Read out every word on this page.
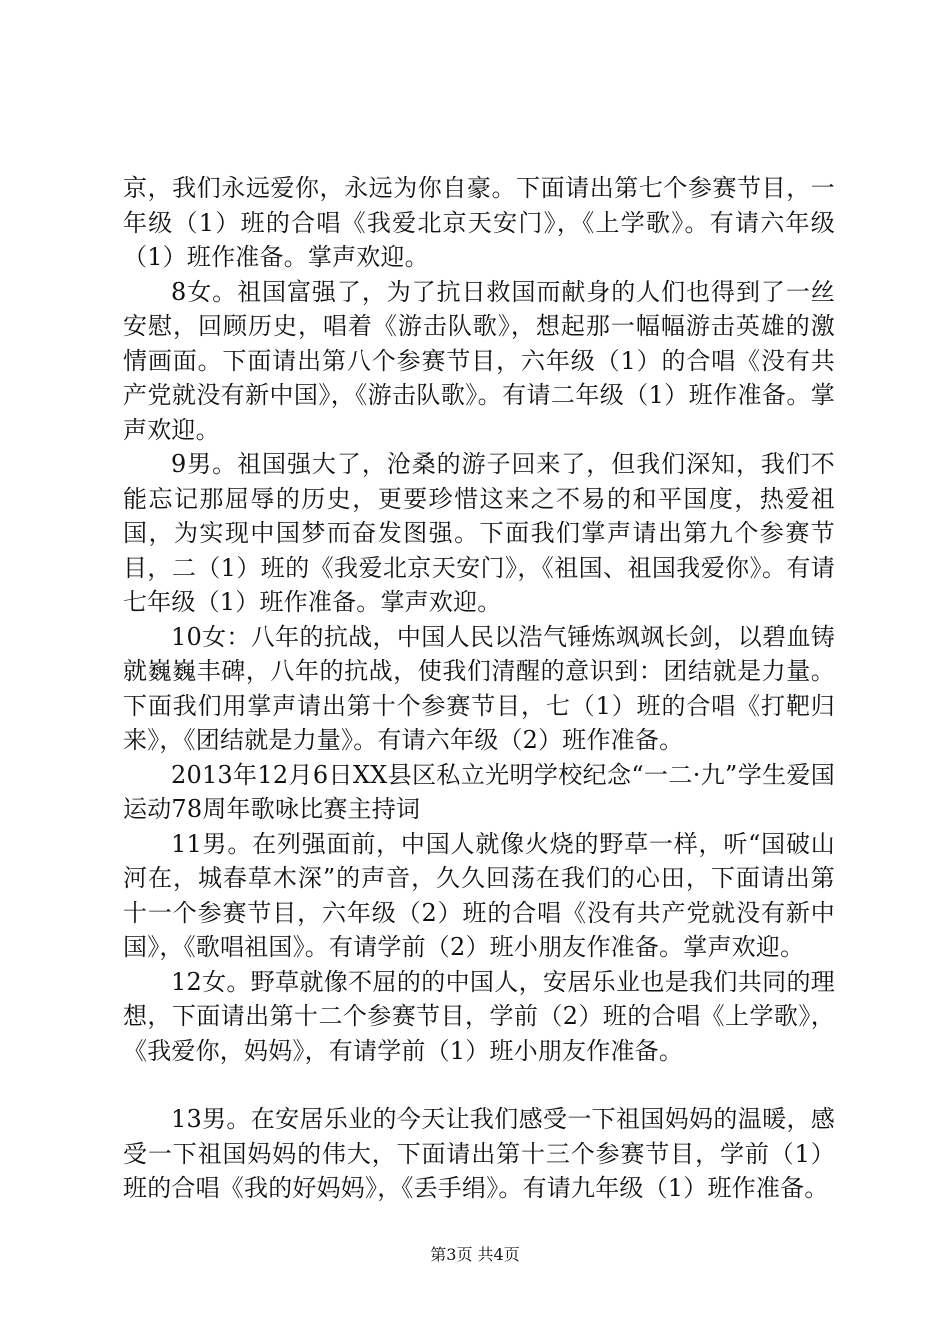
京，我们永远爱你，永远为你自豪。下面请出第七个参赛节目，一年级（1）班的合唱《我爱北京天安门》，《上学歌》。有请六年级（1）班作准备。掌声欢迎。

8女。祖国富强了，为了抗日救国而献身的人们也得到了一丝安慰，回顾历史，唱着《游击队歌》，想起那一幅幅游击英雄的激情画面。下面请出第八个参赛节目，六年级（1）的合唱《没有共产党就没有新中国》，《游击队歌》。有请二年级（1）班作准备。掌声欢迎。

9男。祖国强大了，沧桑的游子回来了，但我们深知，我们不能忘记那屈辱的历史，更要珍惜这来之不易的和平国度，热爱祖国，为实现中国梦而奋发图强。下面我们掌声请出第九个参赛节目，二（1）班的《我爱北京天安门》，《祖国、祖国我爱你》。有请七年级（1）班作准备。掌声欢迎。

10女：八年的抗战，中国人民以浩气锤炼飒飒长剑，以碧血铸就巍巍丰碑，八年的抗战，使我们清醒的意识到：团结就是力量。下面我们用掌声请出第十个参赛节目，七（1）班的合唱《打靶归来》，《团结就是力量》。有请六年级（2）班作准备。

2013年12月6日XX县区私立光明学校纪念“一二·九”学生爱国运动78周年歌咏比赛主持词

11男。在列强面前，中国人就像火烧的野草一样，听“国破山河在，城春草木深”的声音，久久回荡在我们的心田，下面请出第十一个参赛节目，六年级（2）班的合唱《没有共产党就没有新中国》，《歌唱祖国》。有请学前（2）班小朋友作准备。掌声欢迎。

12女。野草就像不屈的的中国人，安居乐业也是我们共同的理想，下面请出第十二个参赛节目，学前（2）班的合唱《上学歌》，《我爱你，妈妈》，有请学前（1）班小朋友作准备。

13男。在安居乐业的今天让我们感受一下祖国妈妈的温暖，感受一下祖国妈妈的伟大，下面请出第十三个参赛节目，学前（1）班的合唱《我的好妈妈》，《丢手绢》。有请九年级（1）班作准备。

第3页 共4页
